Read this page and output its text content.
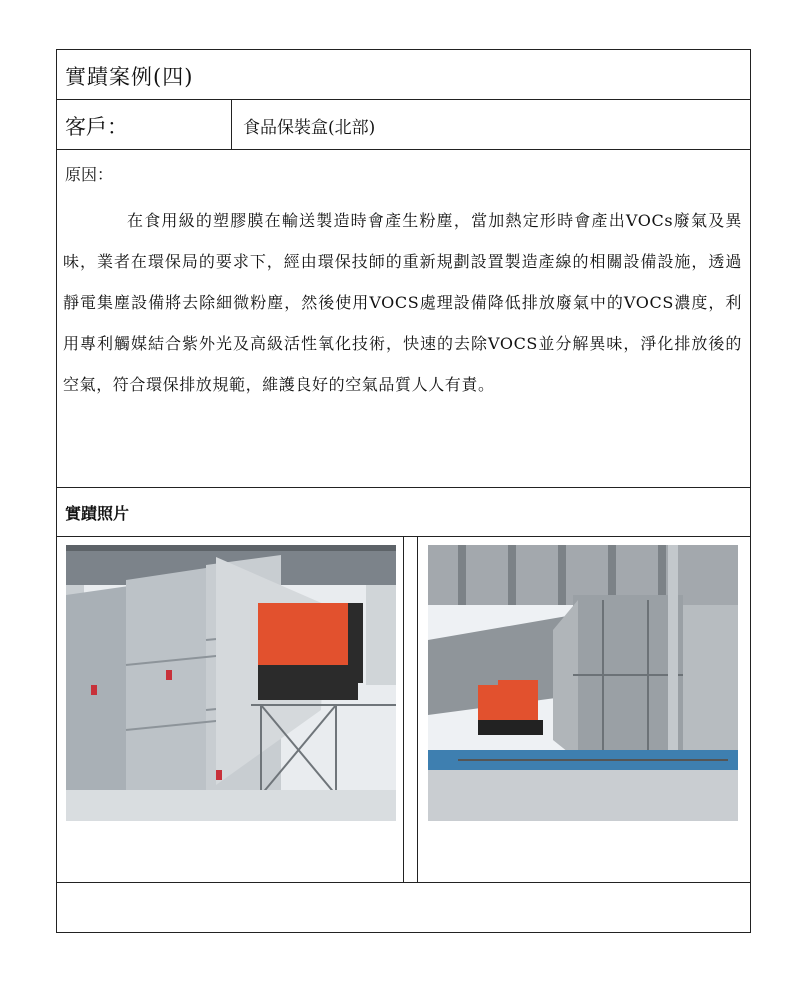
實蹟案例(四)
客戶：	食品保裝盒(北部)
原因：
在食用級的塑膠膜在輸送製造時會產生粉塵，當加熱定形時會產出VOCs廢氣及異味，業者在環保局的要求下，經由環保技師的重新規劃設置製造產線的相關設備設施，透過靜電集塵設備將去除細微粉塵，然後使用VOCS處理設備降低排放廢氣中的VOCS濃度，利用專利觸媒結合紫外光及高級活性氧化技術，快速的去除VOCS並分解異味，淨化排放後的空氣，符合環保排放規範，維護良好的空氣品質人人有責。
實蹟照片
